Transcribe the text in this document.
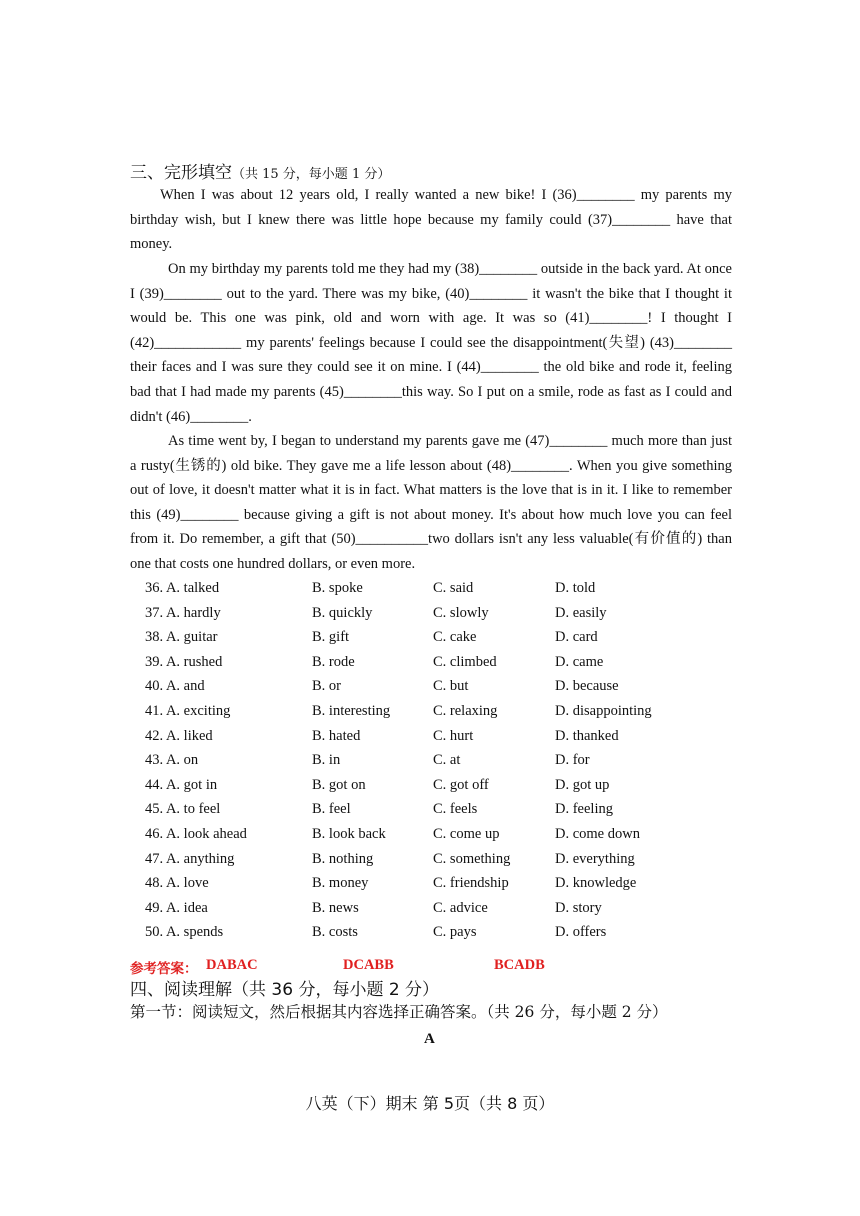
三、完形填空（共 15 分，每小题 1 分）

When I was about 12 years old, I really wanted a new bike! I (36)________ my parents my birthday wish, but I knew there was little hope because my family could (37)________ have that money.

On my birthday my parents told me they had my (38)________ outside in the back yard. At once I (39)________ out to the yard. There was my bike, (40)________ it wasn't the bike that I thought it would be. This one was pink, old and worn with age. It was so (41)________! I thought I (42)____________ my parents' feelings because I could see the disappointment(失望) (43)________ their faces and I was sure they could see it on mine. I (44)________ the old bike and rode it, feeling bad that I had made my parents (45)________this way. So I put on a smile, rode as fast as I could and didn't (46)________.

As time went by, I began to understand my parents gave me (47)________ much more than just a rusty(生锈的) old bike. They gave me a life lesson about (48)________. When you give something out of love, it doesn't matter what it is in fact. What matters is the love that is in it. I like to remember this (49)________ because giving a gift is not about money. It's about how much love you can feel from it. Do remember, a gift that (50)__________two dollars isn't any less valuable(有价值的) than one that costs one hundred dollars, or even more.

36. A. talked	B. spoke	C. said	D. told
37. A. hardly	B. quickly	C. slowly	D. easily
38. A. guitar	B. gift	C. cake	D. card
39. A. rushed	B. rode	C. climbed	D. came
40. A. and	B. or	C. but	D. because
41. A. exciting	B. interesting	C. relaxing	D. disappointing
42. A. liked	B. hated	C. hurt	D. thanked
43. A. on	B. in	C. at	D. for
44. A. got in	B. got on	C. got off	D. got up
45. A. to feel	B. feel	C. feels	D. feeling
46. A. look ahead	B. look back	C. come up	D. come down
47. A. anything	B. nothing	C. something	D. everything
48. A. love	B. money	C. friendship	D. knowledge
49. A. idea	B. news	C. advice	D. story
50. A. spends	B. costs	C. pays	D. offers
参考答案： DABAC	DCABB	BCADB
四、阅读理解（共 36 分，每小题 2 分）
第一节：阅读短文，然后根据其内容选择正确答案。（共 26 分，每小题 2 分）
A
八英（下）期末 第 5页（共 8 页）
